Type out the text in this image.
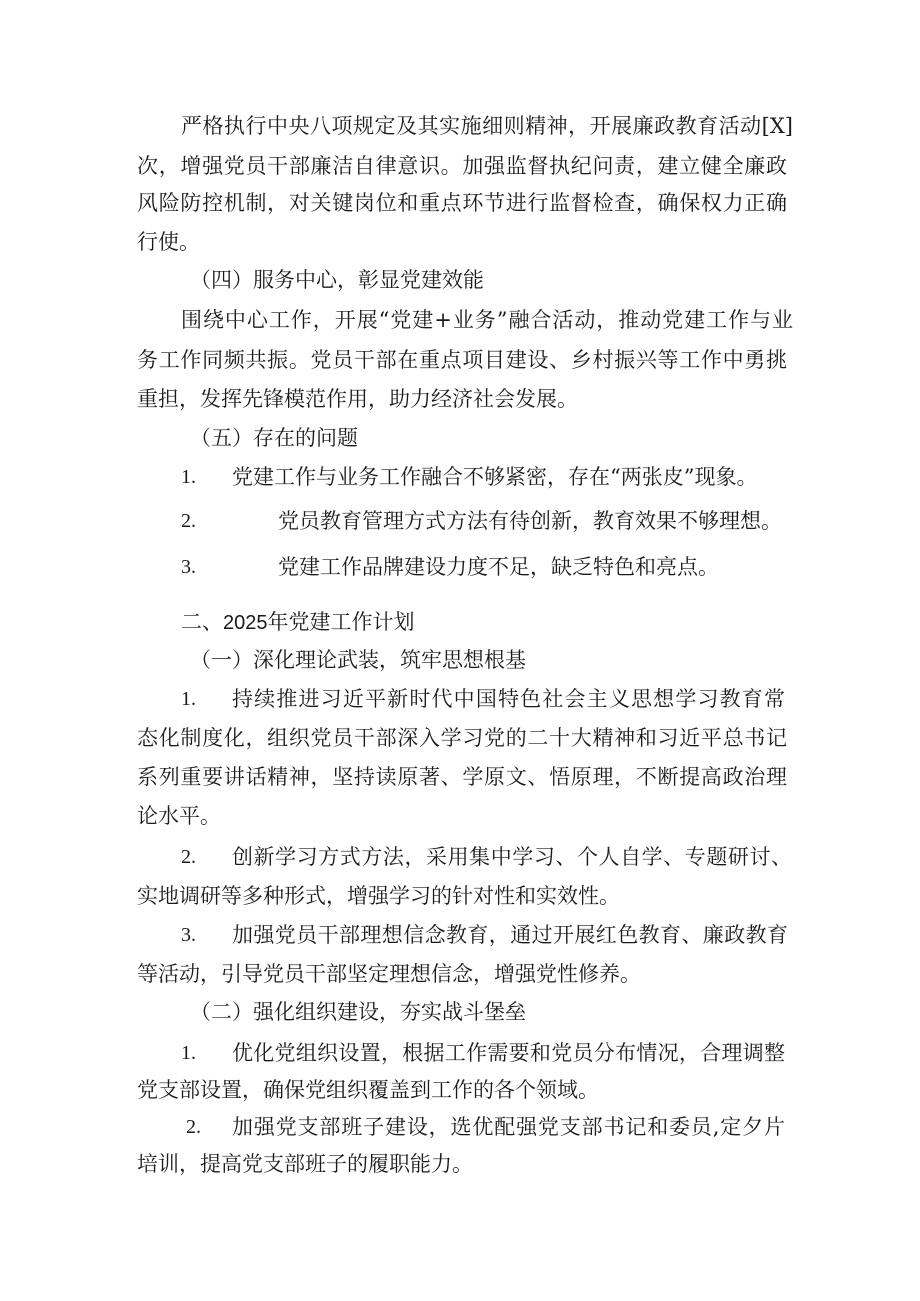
严格执行中央八项规定及其实施细则精神，开展廉政教育活动[X]
次，增强党员干部廉洁自律意识。加强监督执纪问责，建立健全廉政
风险防控机制，对关键岗位和重点环节进行监督检查，确保权力正确
行使。
（四）服务中心，彰显党建效能
围绕中心工作，开展“党建+业务”融合活动，推动党建工作与业
务工作同频共振。党员干部在重点项目建设、乡村振兴等工作中勇挑
重担，发挥先锋模范作用，助力经济社会发展。
（五）存在的问题
1. 党建工作与业务工作融合不够紧密，存在“两张皮”现象。
2.	党员教育管理方式方法有待创新，教育效果不够理想。
3.	党建工作品牌建设力度不足，缺乏特色和亮点。
二、2025年党建工作计划
（一）深化理论武装，筑牢思想根基
1. 持续推进习近平新时代中国特色社会主义思想学习教育常
态化制度化，组织党员干部深入学习党的二十大精神和习近平总书记
系列重要讲话精神，坚持读原著、学原文、悟原理，不断提高政治理
论水平。
2. 创新学习方式方法，采用集中学习、个人自学、专题研讨、
实地调研等多种形式，增强学习的针对性和实效性。
3. 加强党员干部理想信念教育，通过开展红色教育、廉政教育
等活动，引导党员干部坚定理想信念，增强党性修养。
（二）强化组织建设，夯实战斗堡垒
1. 优化党组织设置，根据工作需要和党员分布情况，合理调整
党支部设置，确保党组织覆盖到工作的各个领域。
2. 加强党支部班子建设，选优配强党支部书记和委员,定夕片
培训，提高党支部班子的履职能力。
